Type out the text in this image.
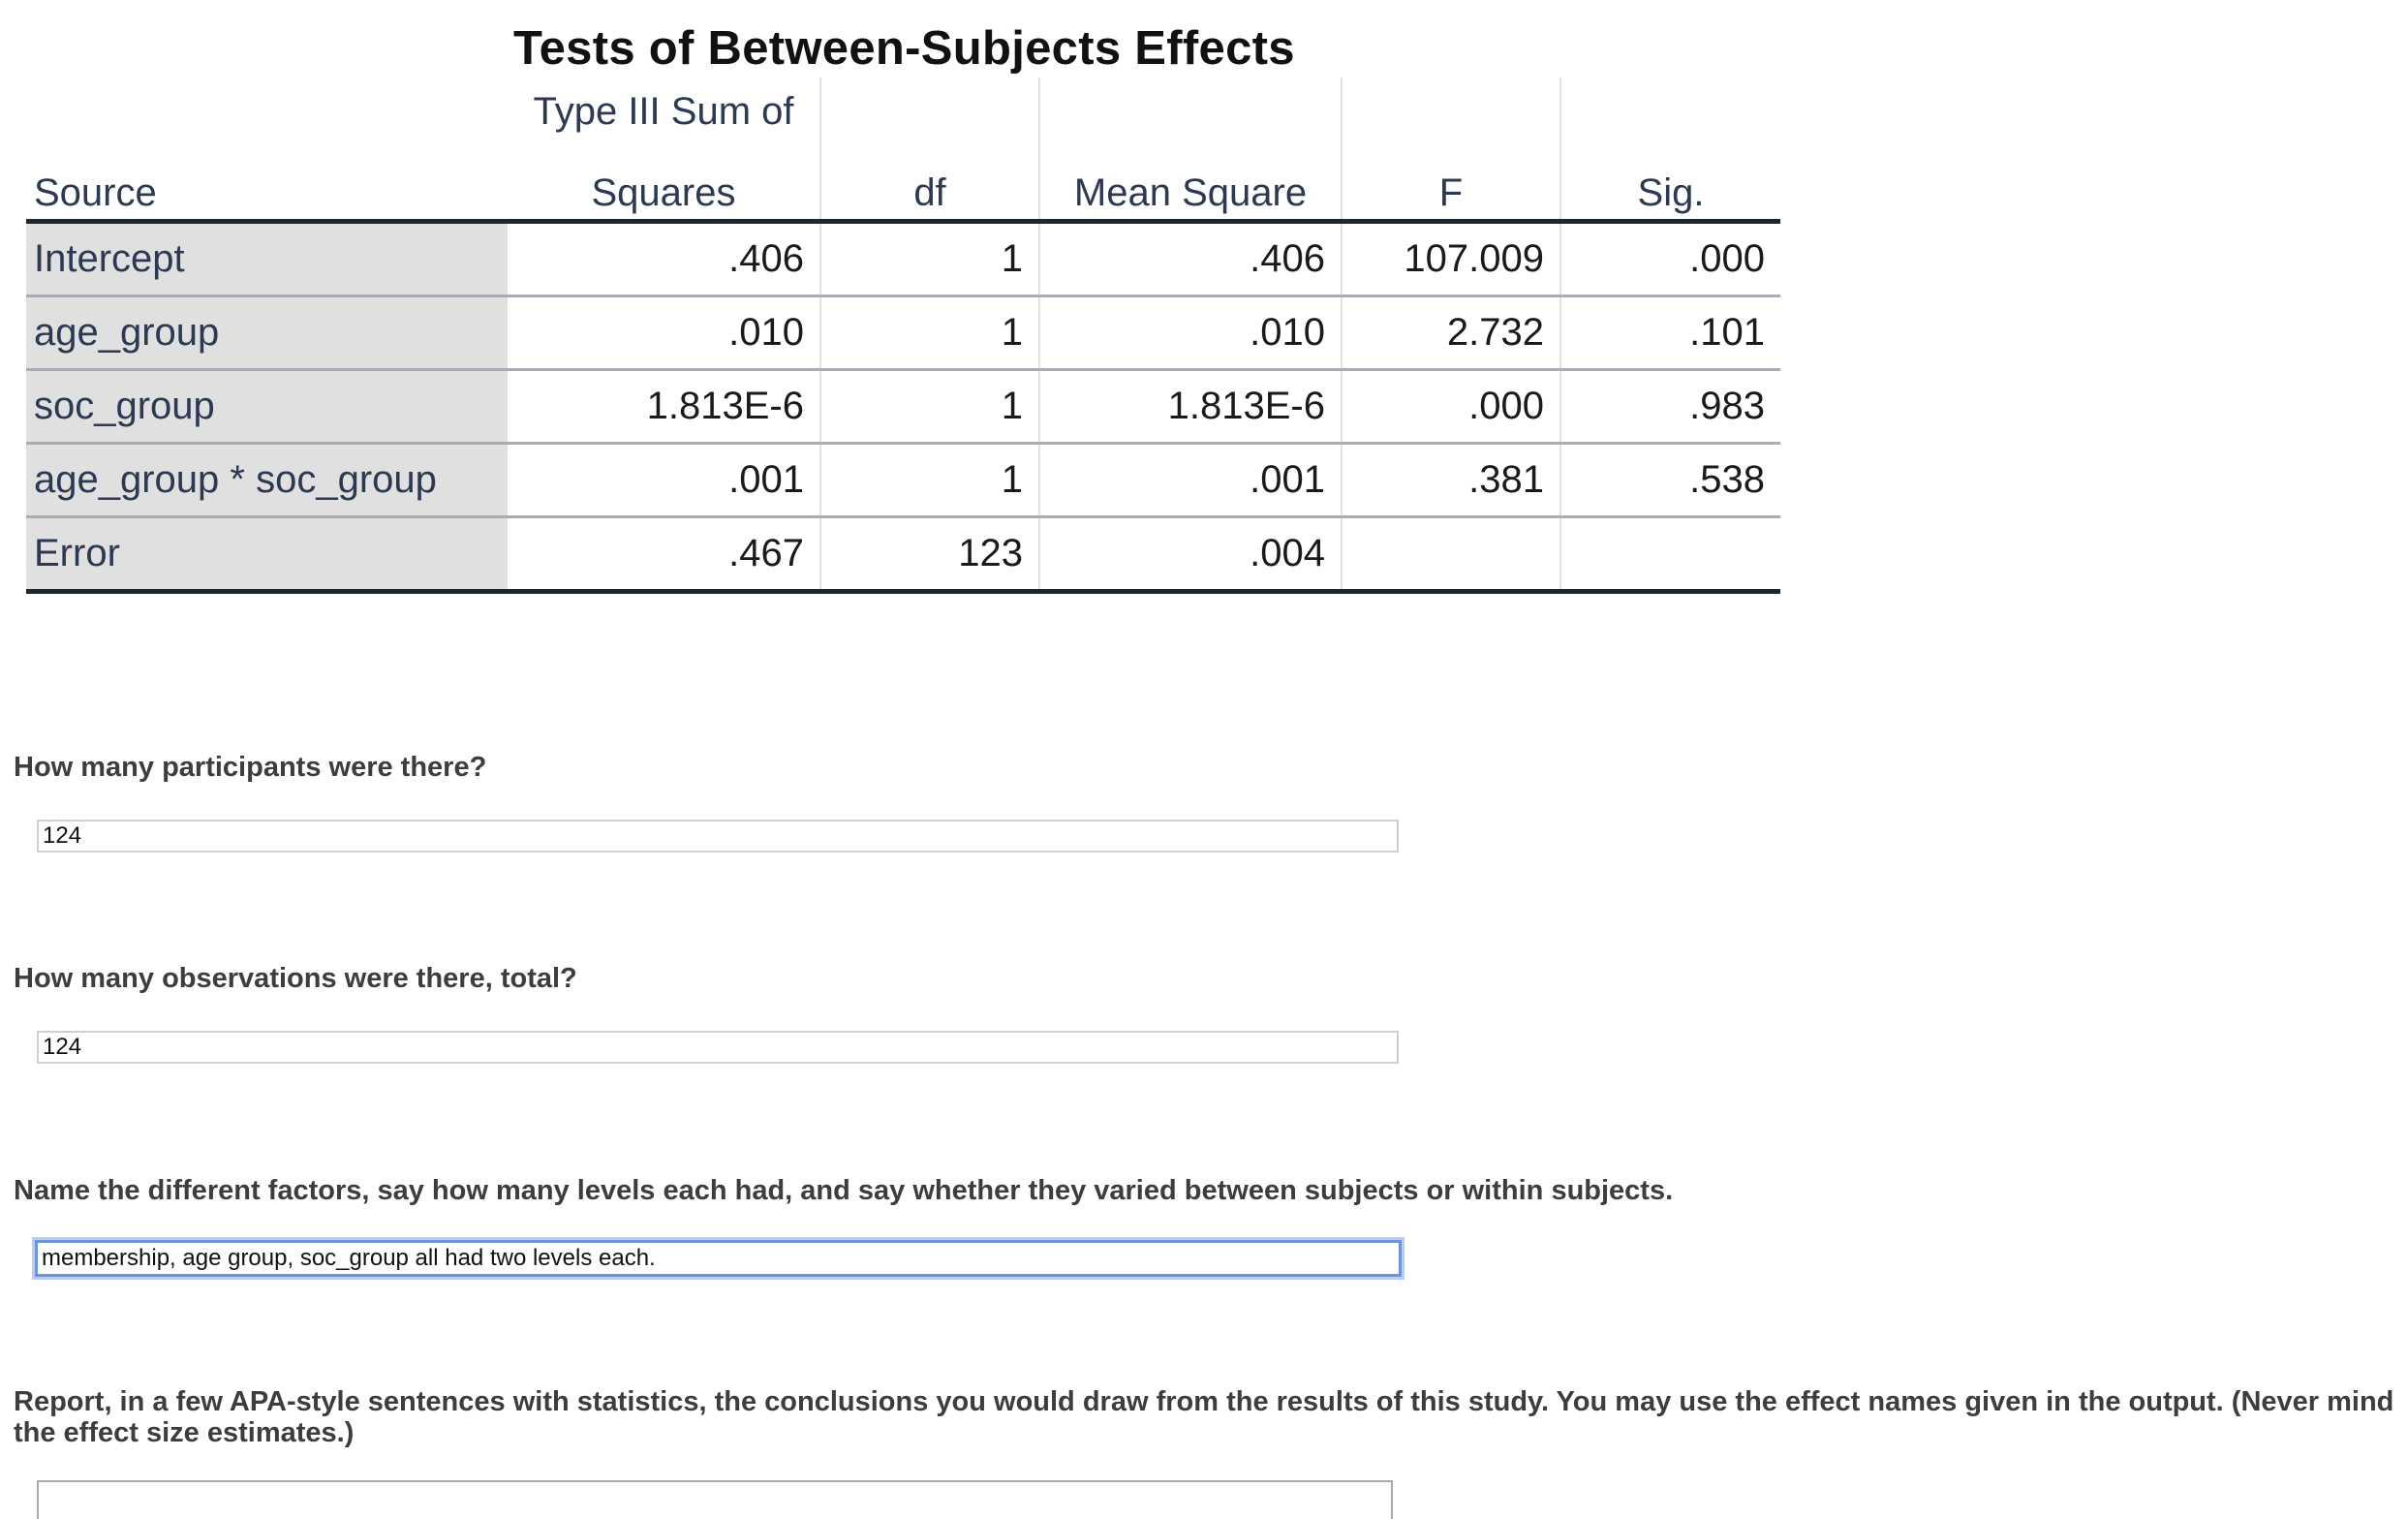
Tests of Between-Subjects Effects
	Type III Sum of				
Source	Squares	df	Mean Square	F	Sig.
Intercept	.406	1	.406	107.009	.000
age_group	.010	1	.010	2.732	.101
soc_group	1.813E-6	1	1.813E-6	.000	.983
age_group * soc_group	.001	1	.001	.381	.538
Error	.467	123	.004		
How many participants were there?
124
How many observations were there, total?
124
Name the different factors, say how many levels each had, and say whether they varied between subjects or within subjects.
membership, age group, soc_group all had two levels each.
Report, in a few APA-style sentences with statistics, the conclusions you would draw from the results of this study. You may use the effect names given in the output. (Never mind the effect size estimates.)
